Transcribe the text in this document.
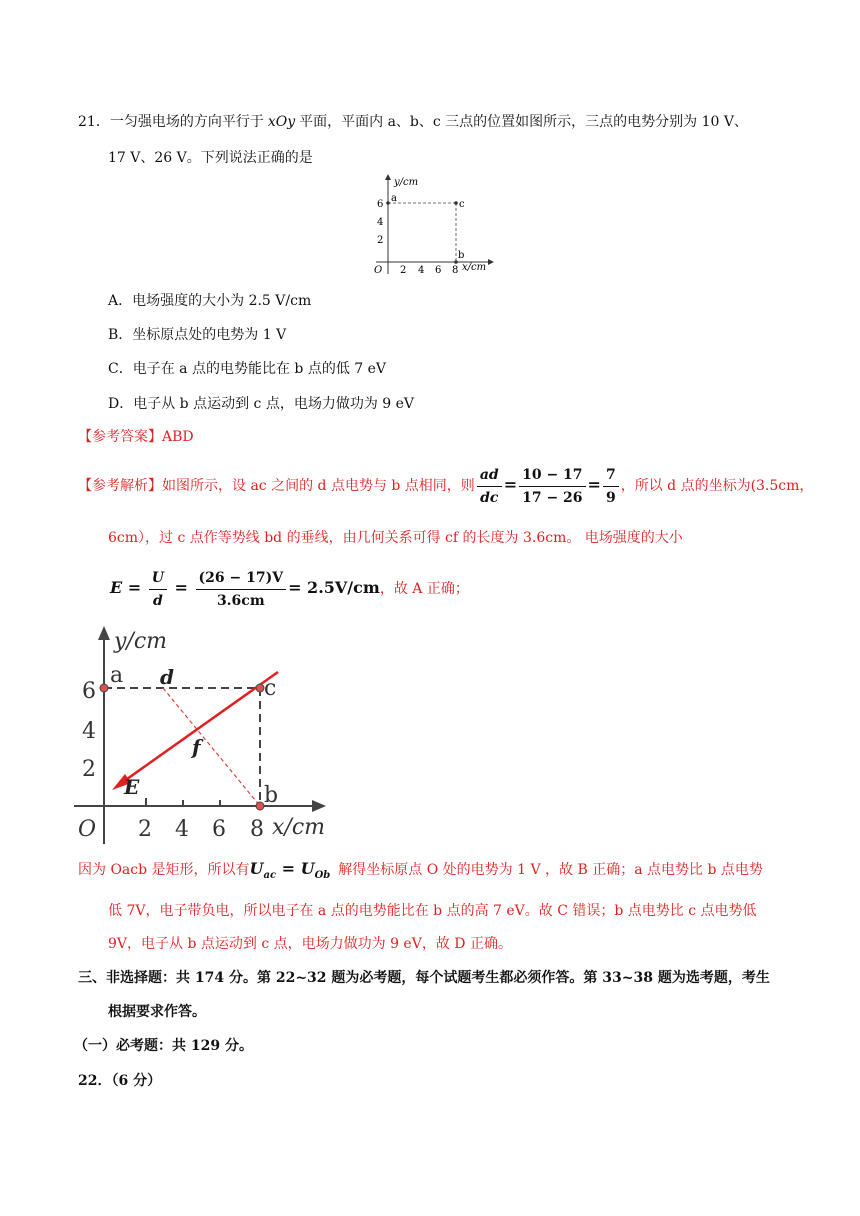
21．一匀强电场的方向平行于 xOy 平面，平面内 a、b、c 三点的位置如图所示，三点的电势分别为 10 V、
17 V、26 V。下列说法正确的是
y/cm
x/cm
O 2 4 6 8
2
4
6
a
c
b
A．电场强度的大小为 2.5 V/cm
B．坐标原点处的电势为 1 V
C．电子在 a 点的电势能比在 b 点的低 7 eV
D．电子从 b 点运动到 c 点，电场力做功为 9 eV
【参考答案】ABD
【参考解析】如图所示，设 ac 之间的 d 点电势与 b 点相同，则 $\frac{ad}{dc} = \frac{10 - 17}{17 - 26} = \frac{7}{9}$ ，所以 d 点的坐标为(3.5cm，
6cm），过 c 点作等势线 bd 的垂线，由几何关系可得 cf 的长度为 3.6cm。 电场强度的大小
$E = \frac{U}{d} = \frac{(26 - 17)V}{3.6cm} = 2.5V/cm$，故 A 正确；
y/cm
x/cm
O 2 4 6 8
2
4
6
a
c
b
d
f
E
因为 Oacb 是矩形，所以有$U_{ac} = U_{Ob}$ 解得坐标原点 O 处的电势为 1 V ，故 B 正确；a 点电势比 b 点电势
低 7V，电子带负电，所以电子在 a 点的电势能比在 b 点的高 7 eV。故 C 错误；b 点电势比 c 点电势低
9V，电子从 b 点运动到 c 点，电场力做功为 9 eV，故 D 正确。
三、非选择题：共 174 分。第 22~32 题为必考题，每个试题考生都必须作答。第 33~38 题为选考题，考生
根据要求作答。
（一）必考题：共 129 分。
22．（6 分）
